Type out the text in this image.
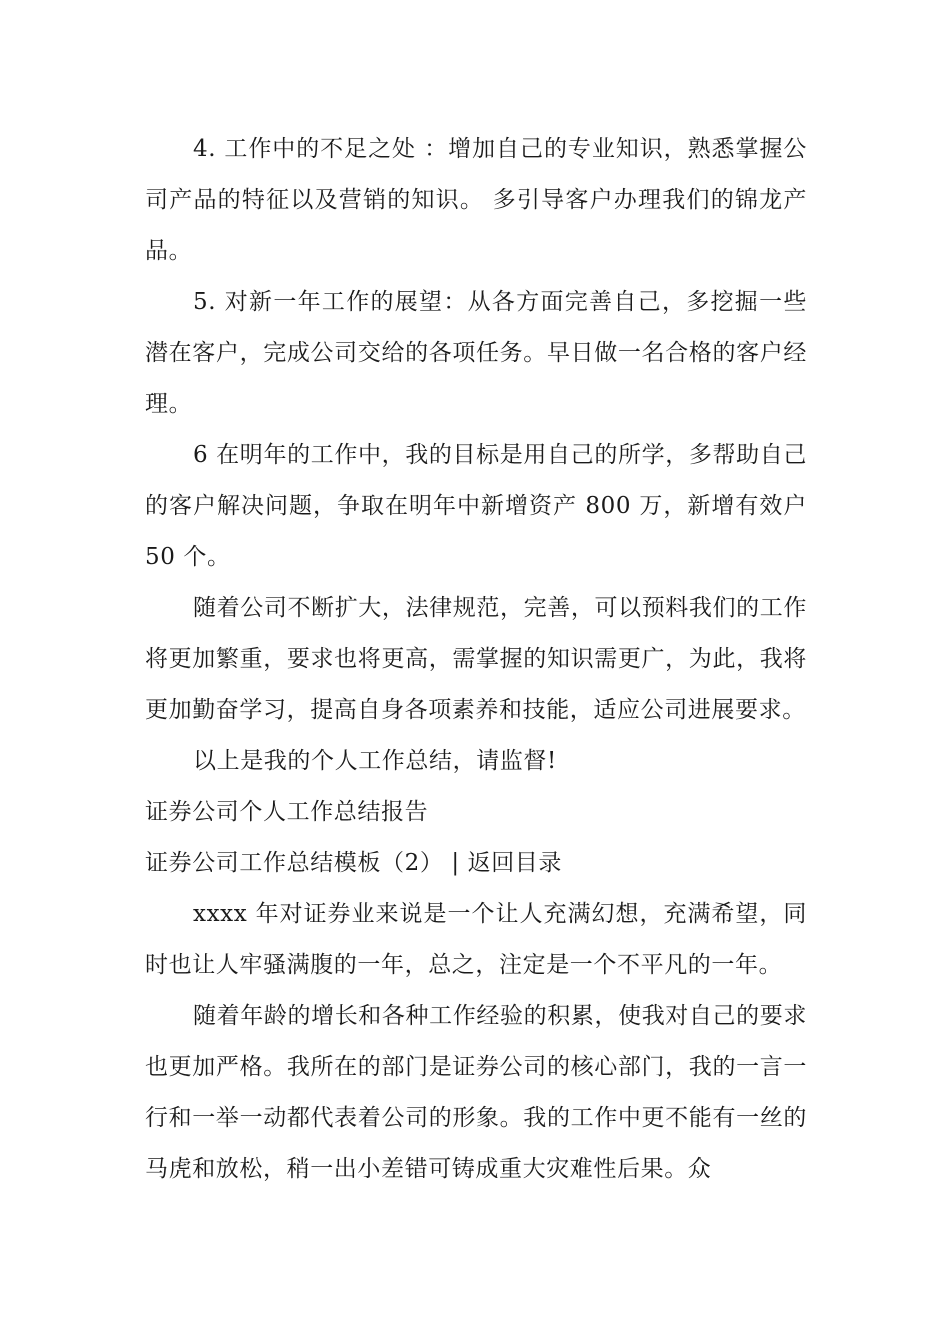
4. 工作中的不足之处 ：增加自己的专业知识，熟悉掌握公司产品的特征以及营销的知识。 多引导客户办理我们的锦龙产品。

5. 对新一年工作的展望：从各方面完善自己，多挖掘一些潜在客户，完成公司交给的各项任务。早日做一名合格的客户经理。

6 在明年的工作中，我的目标是用自己的所学，多帮助自己的客户解决问题，争取在明年中新增资产 800 万，新增有效户 50 个。

随着公司不断扩大，法律规范，完善，可以预料我们的工作将更加繁重，要求也将更高，需掌握的知识需更广，为此，我将更加勤奋学习，提高自身各项素养和技能，适应公司进展要求。

以上是我的个人工作总结，请监督!

证券公司个人工作总结报告

证券公司工作总结模板（2） | 返回目录

xxxx 年对证券业来说是一个让人充满幻想，充满希望，同时也让人牢骚满腹的一年，总之，注定是一个不平凡的一年。

随着年龄的增长和各种工作经验的积累，使我对自己的要求也更加严格。我所在的部门是证券公司的核心部门，我的一言一行和一举一动都代表着公司的形象。我的工作中更不能有一丝的马虎和放松，稍一出小差错可铸成重大灾难性后果。众
